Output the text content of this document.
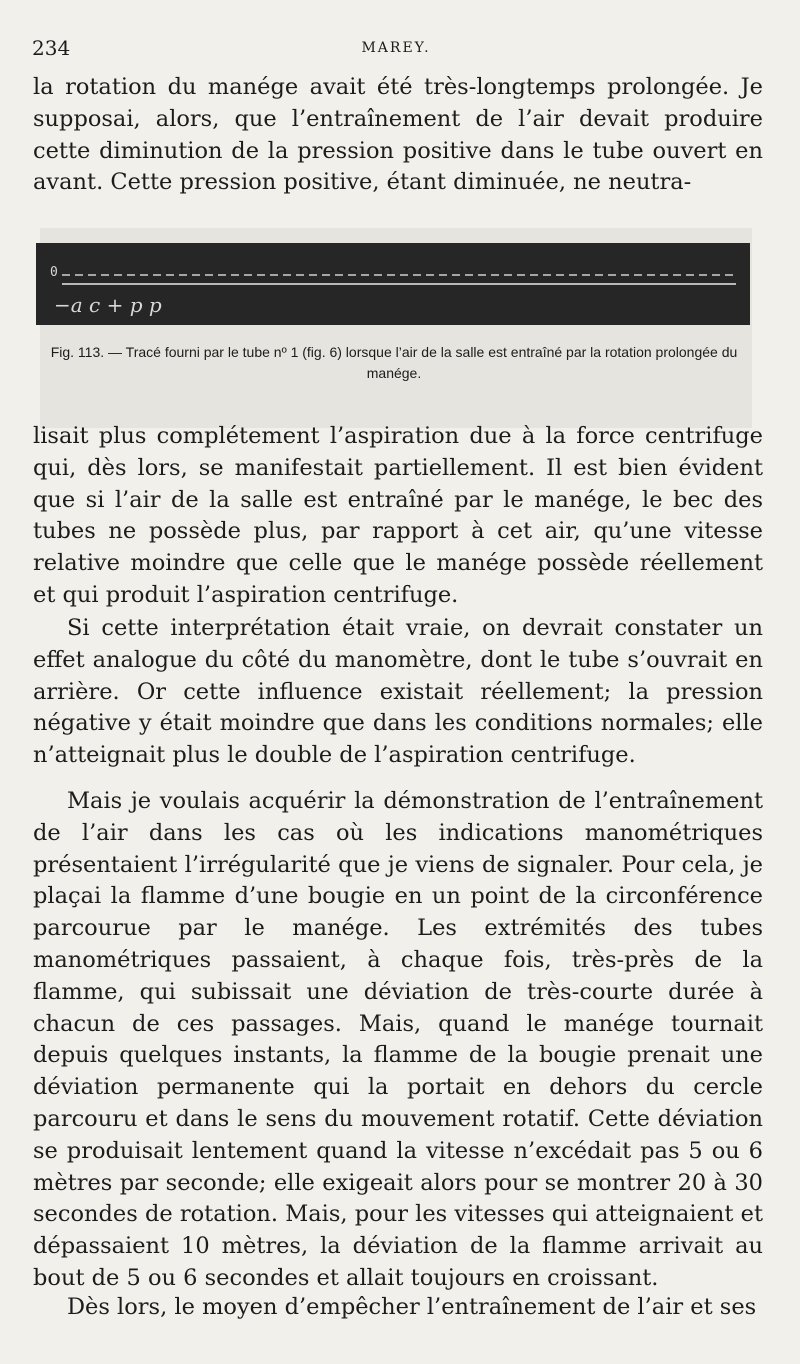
234	MAREY.

la rotation du manége avait été très-longtemps prolongée. Je supposai, alors, que l’entraînement de l’air devait produire cette diminution de la pression positive dans le tube ouvert en avant. Cette pression positive, étant diminuée, ne neutra-

0
−a c + p p

Fig. 113. — Tracé fourni par le tube nº 1 (fig. 6) lorsque l’air de la salle est entraîné par la rotation prolongée du manége.

lisait plus complétement l’aspiration due à la force centrifuge qui, dès lors, se manifestait partiellement. Il est bien évident que si l’air de la salle est entraîné par le manége, le bec des tubes ne possède plus, par rapport à cet air, qu’une vitesse relative moindre que celle que le manége possède réellement et qui produit l’aspiration centrifuge.

Si cette interprétation était vraie, on devrait constater un effet analogue du côté du manomètre, dont le tube s’ouvrait en arrière. Or cette influence existait réellement; la pression négative y était moindre que dans les conditions normales; elle n’atteignait plus le double de l’aspiration centrifuge.

Mais je voulais acquérir la démonstration de l’entraînement de l’air dans les cas où les indications manométriques présentaient l’irrégularité que je viens de signaler. Pour cela, je plaçai la flamme d’une bougie en un point de la circonférence parcourue par le manége. Les extrémités des tubes manométriques passaient, à chaque fois, très-près de la flamme, qui subissait une déviation de très-courte durée à chacun de ces passages. Mais, quand le manége tournait depuis quelques instants, la flamme de la bougie prenait une déviation permanente qui la portait en dehors du cercle parcouru et dans le sens du mouvement rotatif. Cette déviation se produisait lentement quand la vitesse n’excédait pas 5 ou 6 mètres par seconde; elle exigeait alors pour se montrer 20 à 30 secondes de rotation. Mais, pour les vitesses qui atteignaient et dépassaient 10 mètres, la déviation de la flamme arrivait au bout de 5 ou 6 secondes et allait toujours en croissant.

Dès lors, le moyen d’empêcher l’entraînement de l’air et ses
